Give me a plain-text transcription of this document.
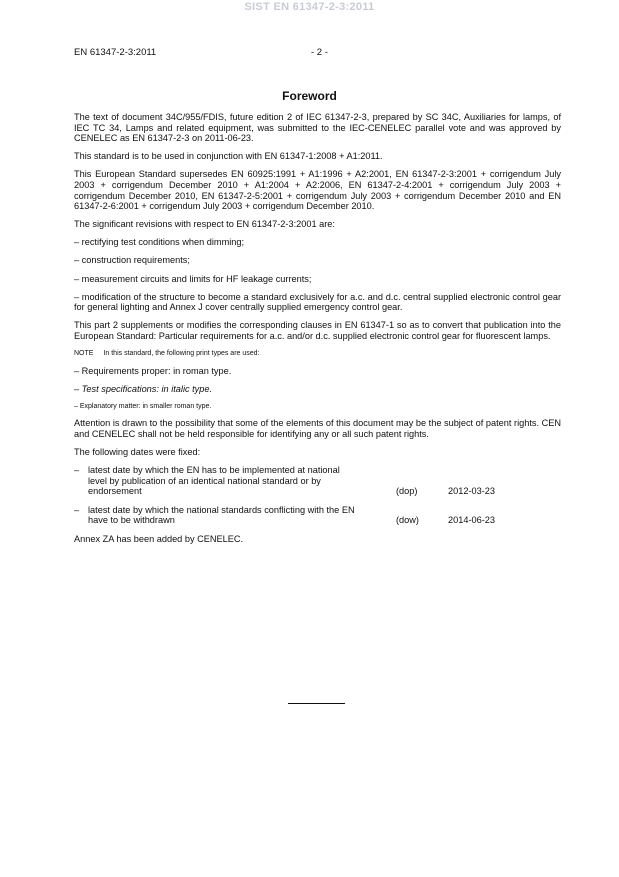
SIST EN 61347-2-3:2011
EN 61347-2-3:2011	- 2 -
Foreword

The text of document 34C/955/FDIS, future edition 2 of IEC 61347-2-3, prepared by SC 34C, Auxiliaries for lamps, of IEC TC 34, Lamps and related equipment, was submitted to the IEC-CENELEC parallel vote and was approved by CENELEC as EN 61347-2-3 on 2011-06-23.

This standard is to be used in conjunction with EN 61347-1:2008 + A1:2011.

This European Standard supersedes EN 60925:1991 + A1:1996 + A2:2001, EN 61347-2-3:2001 + corrigendum July 2003 + corrigendum December 2010 + A1:2004 + A2:2006, EN 61347-2-4:2001 + corrigendum July 2003 + corrigendum December 2010, EN 61347-2-5:2001 + corrigendum July 2003 + corrigendum December 2010 and EN 61347-2-6:2001 + corrigendum July 2003 + corrigendum December 2010.

The significant revisions with respect to EN 61347-2-3:2001 are:

– rectifying test conditions when dimming;

– construction requirements;

– measurement circuits and limits for HF leakage currents;

– modification of the structure to become a standard exclusively for a.c. and d.c. central supplied electronic control gear for general lighting and Annex J cover centrally supplied emergency control gear.

This part 2 supplements or modifies the corresponding clauses in EN 61347-1 so as to convert that publication into the European Standard: Particular requirements for a.c. and/or d.c. supplied electronic control gear for fluorescent lamps.

NOTE In this standard, the following print types are used:

– Requirements proper: in roman type.

– Test specifications: in italic type.

– Explanatory matter: in smaller roman type.

Attention is drawn to the possibility that some of the elements of this document may be the subject of patent rights. CEN and CENELEC shall not be held responsible for identifying any or all such patent rights.

The following dates were fixed:

– latest date by which the EN has to be implemented at national level by publication of an identical national standard or by endorsement	(dop)	2012-03-23
– latest date by which the national standards conflicting with the EN have to be withdrawn	(dow)	2014-06-23

Annex ZA has been added by CENELEC.
